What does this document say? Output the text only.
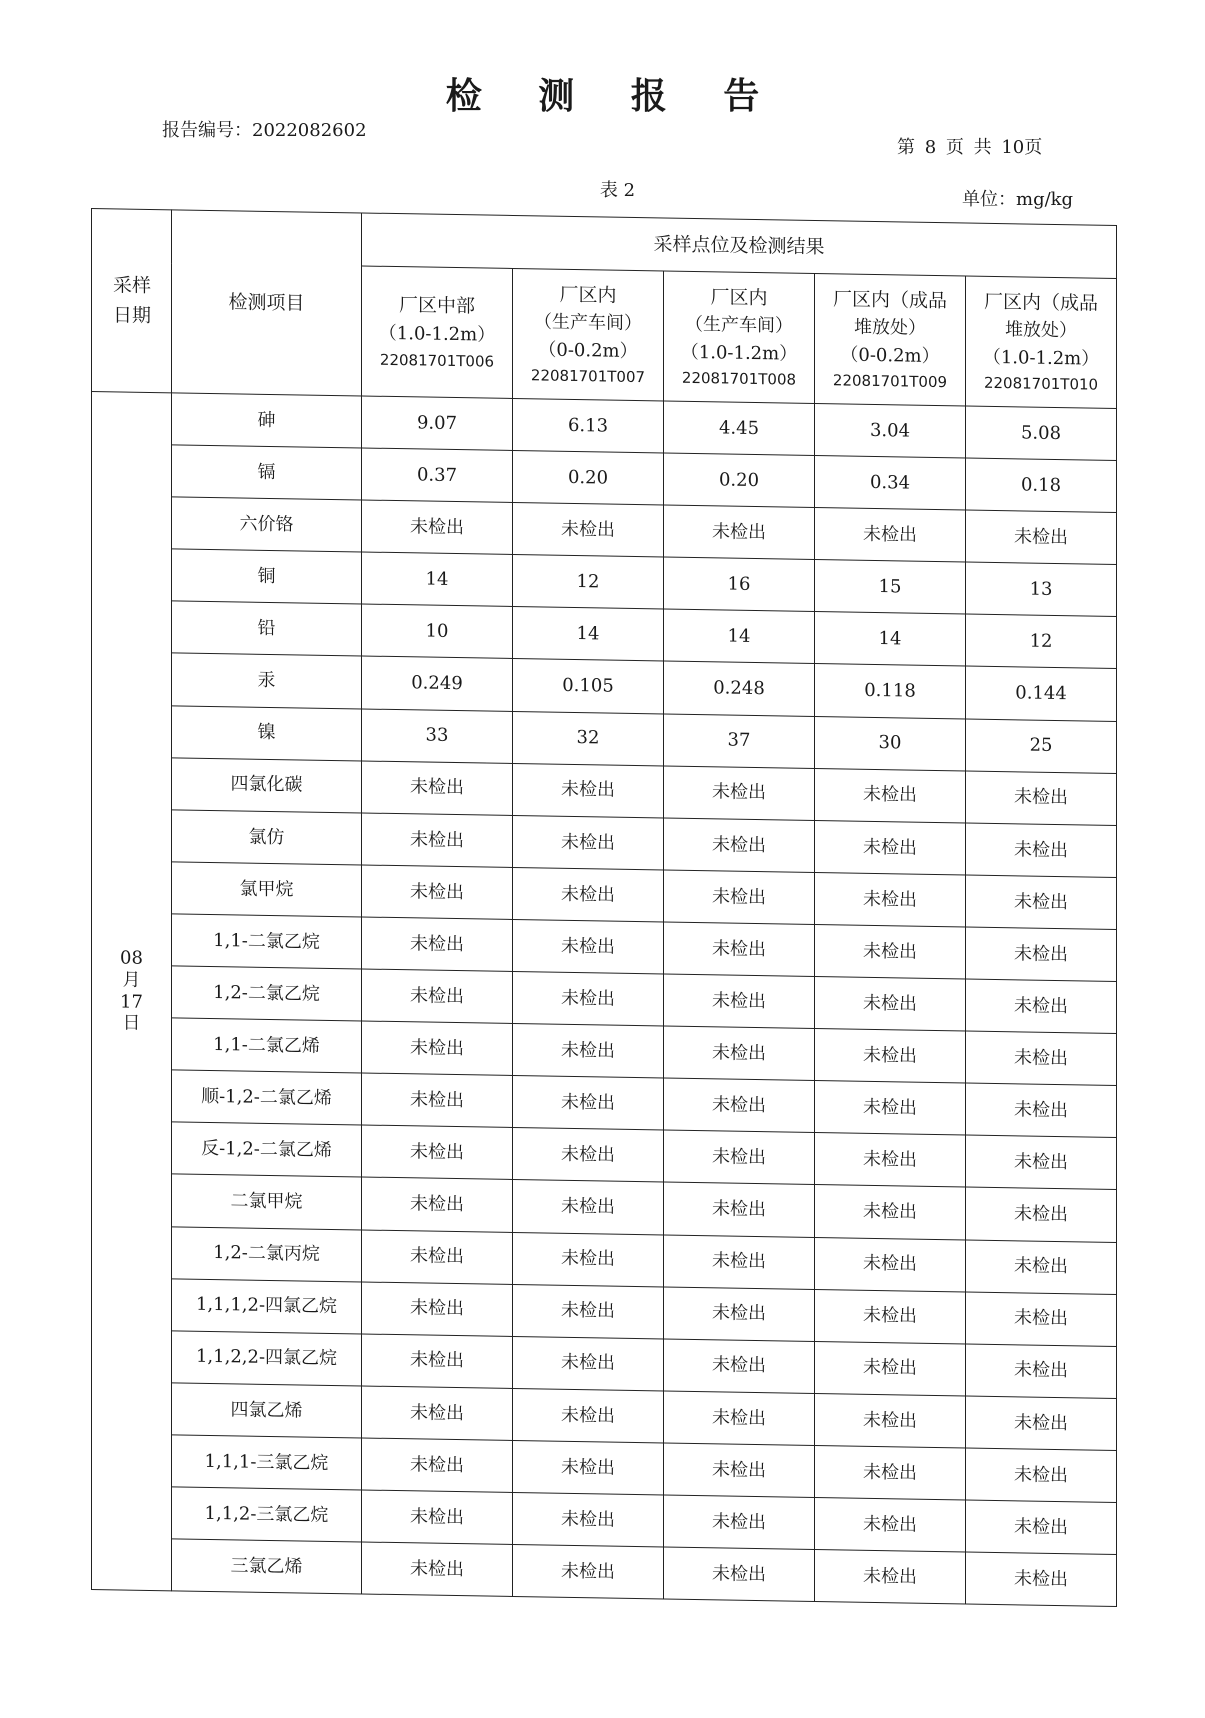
检 测 报 告
报告编号：2022082602
第 8 页 共 10页
表 2	单位：mg/kg
采样日期	检测项目	采样点位及检测结果				

		厂区中部
（1.0-1.2m）
22081701T006	厂区内
（生产车间）
（0-0.2m）
22081701T007	厂区内
（生产车间）
（1.0-1.2m）
22081701T008	厂区内（成品
堆放处）
（0-0.2m）
22081701T009	厂区内（成品
堆放处）
（1.0-1.2m）
22081701T010

08
月
17
日	砷	9.07	6.13	4.45	3.04	5.08
	镉	0.37	0.20	0.20	0.34	0.18
	六价铬	未检出	未检出	未检出	未检出	未检出
	铜	14	12	16	15	13
	铅	10	14	14	14	12
	汞	0.249	0.105	0.248	0.118	0.144
	镍	33	32	37	30	25
	四氯化碳	未检出	未检出	未检出	未检出	未检出
	氯仿	未检出	未检出	未检出	未检出	未检出
	氯甲烷	未检出	未检出	未检出	未检出	未检出
	1,1-二氯乙烷	未检出	未检出	未检出	未检出	未检出
	1,2-二氯乙烷	未检出	未检出	未检出	未检出	未检出
	1,1-二氯乙烯	未检出	未检出	未检出	未检出	未检出
	顺-1,2-二氯乙烯	未检出	未检出	未检出	未检出	未检出
	反-1,2-二氯乙烯	未检出	未检出	未检出	未检出	未检出
	二氯甲烷	未检出	未检出	未检出	未检出	未检出
	1,2-二氯丙烷	未检出	未检出	未检出	未检出	未检出
	1,1,1,2-四氯乙烷	未检出	未检出	未检出	未检出	未检出
	1,1,2,2-四氯乙烷	未检出	未检出	未检出	未检出	未检出
	四氯乙烯	未检出	未检出	未检出	未检出	未检出
	1,1,1-三氯乙烷	未检出	未检出	未检出	未检出	未检出
	1,1,2-三氯乙烷	未检出	未检出	未检出	未检出	未检出
	三氯乙烯	未检出	未检出	未检出	未检出	未检出
